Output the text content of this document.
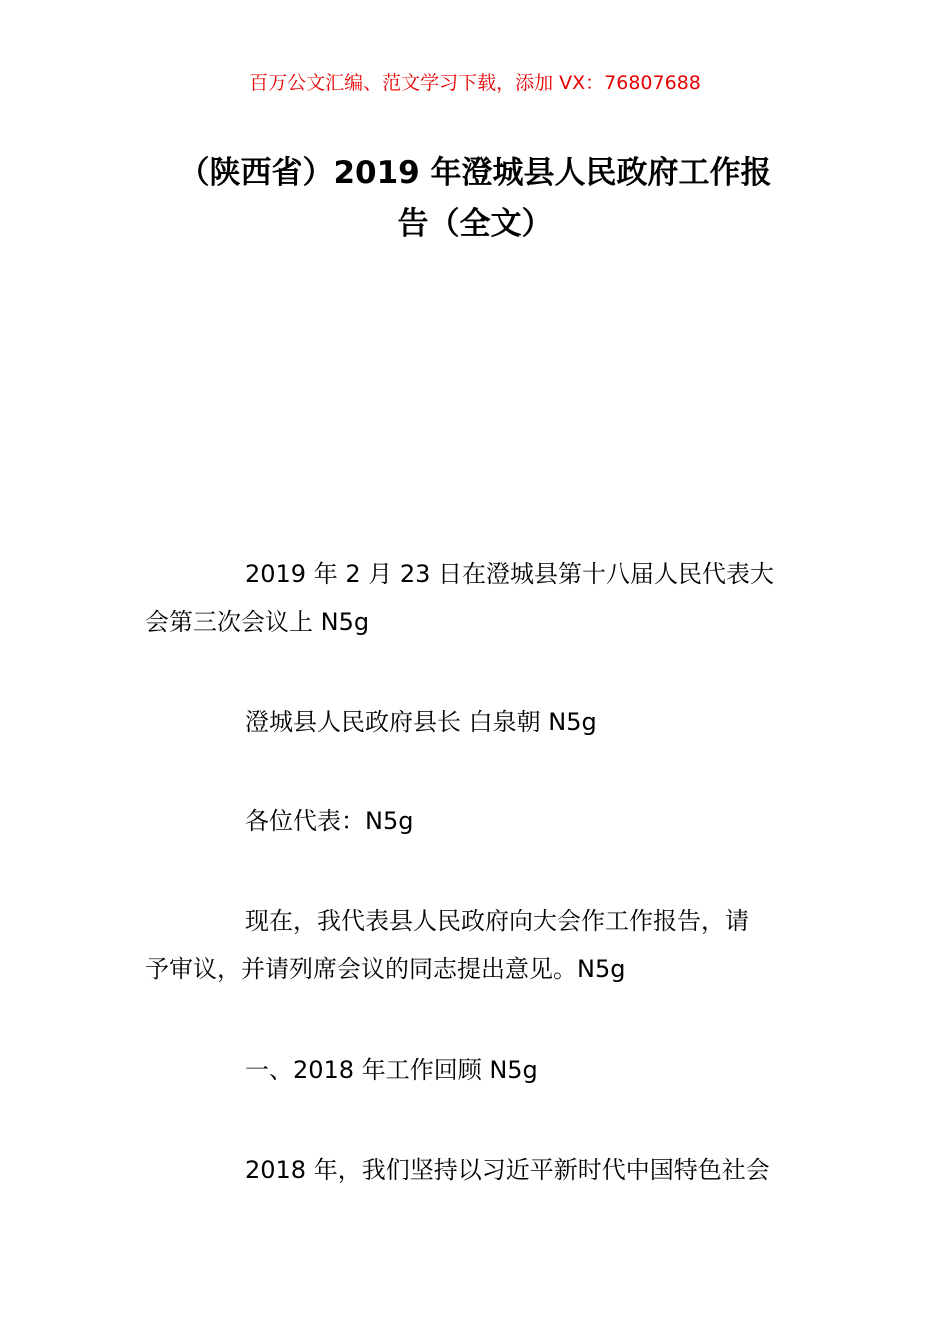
百万公文汇编、范文学习下载，添加 VX：76807688
（陕西省）2019 年澄城县人民政府工作报
告（全文）
2019 年 2 月 23 日在澄城县第十八届人民代表大
会第三次会议上 N5g
澄城县人民政府县长 白泉朝 N5g
各位代表：N5g
现在，我代表县人民政府向大会作工作报告，请
予审议，并请列席会议的同志提出意见。N5g
一、2018 年工作回顾 N5g
2018 年，我们坚持以习近平新时代中国特色社会
